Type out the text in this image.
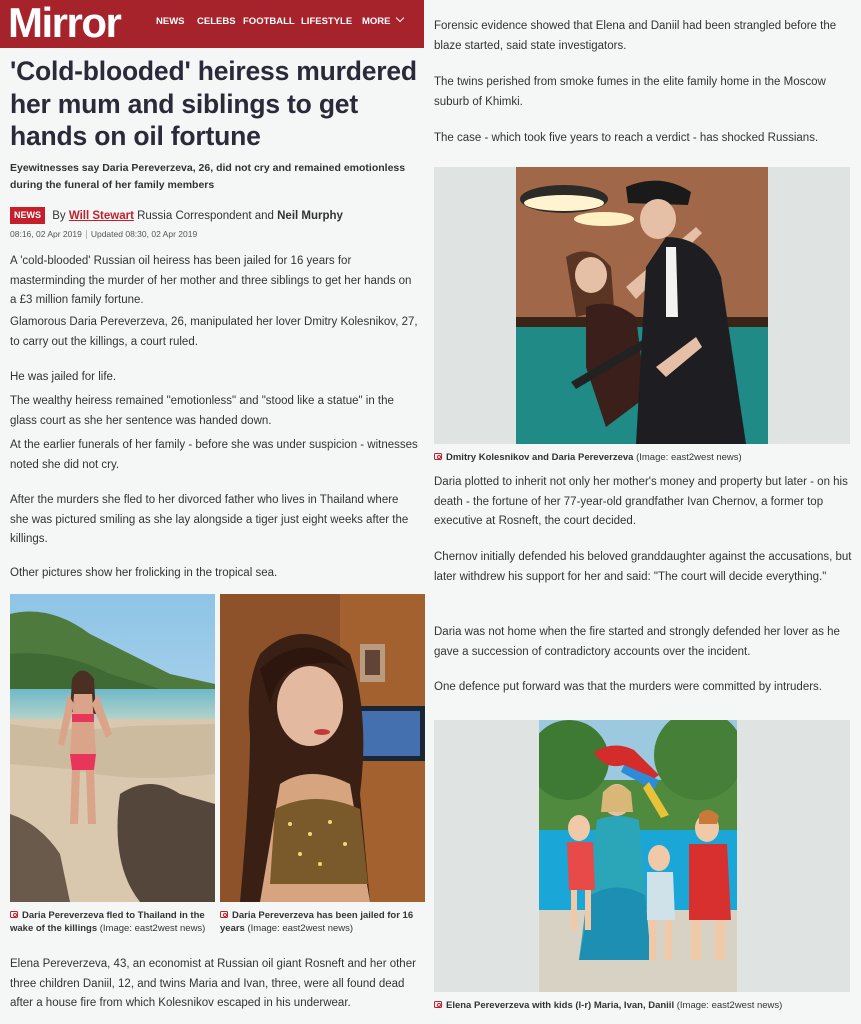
Mirror	NEWS CELEBS FOOTBALL LIFESTYLE MORE
'Cold-blooded' heiress murdered her mum and siblings to get hands on oil fortune

Eyewitnesses say Daria Pereverzeva, 26, did not cry and remained emotionless during the funeral of her family members

NEWS By Will Stewart Russia Correspondent and Neil Murphy
08:16, 02 Apr 2019 Updated 08:30, 02 Apr 2019

A 'cold-blooded' Russian oil heiress has been jailed for 16 years for masterminding the murder of her mother and three siblings to get her hands on a £3 million family fortune.

Glamorous Daria Pereverzeva, 26, manipulated her lover Dmitry Kolesnikov, 27, to carry out the killings, a court ruled.

He was jailed for life.

The wealthy heiress remained "emotionless" and "stood like a statue" in the glass court as she her sentence was handed down.

At the earlier funerals of her family - before she was under suspicion - witnesses noted she did not cry.

After the murders she fled to her divorced father who lives in Thailand where she was pictured smiling as she lay alongside a tiger just eight weeks after the killings.

Other pictures show her frolicking in the tropical sea.

Daria Pereverzeva fled to Thailand in the wake of the killings (Image: east2west news)
Daria Pereverzeva has been jailed for 16 years (Image: east2west news)

Elena Pereverzeva, 43, an economist at Russian oil giant Rosneft and her other three children Daniil, 12, and twins Maria and Ivan, three, were all found dead after a house fire from which Kolesnikov escaped in his underwear.

Forensic evidence showed that Elena and Daniil had been strangled before the blaze started, said state investigators.

The twins perished from smoke fumes in the elite family home in the Moscow suburb of Khimki.

The case - which took five years to reach a verdict - has shocked Russians.

Dmitry Kolesnikov and Daria Pereverzeva (Image: east2west news)

Daria plotted to inherit not only her mother's money and property but later - on his death - the fortune of her 77-year-old grandfather Ivan Chernov, a former top executive at Rosneft, the court decided.

Chernov initially defended his beloved granddaughter against the accusations, but later withdrew his support for her and said: "The court will decide everything."

Daria was not home when the fire started and strongly defended her lover as he gave a succession of contradictory accounts over the incident.

One defence put forward was that the murders were committed by intruders.

Elena Pereverzeva with kids (l-r) Maria, Ivan, Daniil (Image: east2west news)
